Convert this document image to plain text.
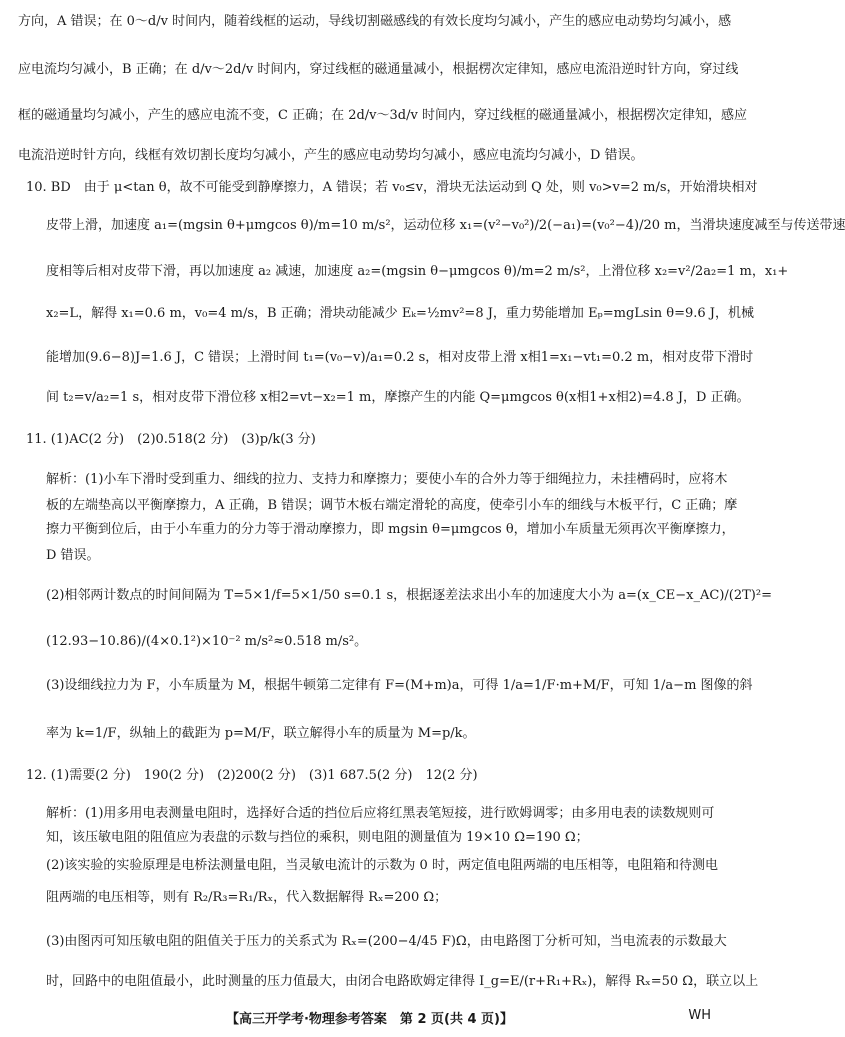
方向，A 错误；在 0～d/v 时间内，随着线框的运动，导线切割磁感线的有效长度均匀减小，产生的感应电动势均匀减小，感
应电流均匀减小，B 正确；在 d/v～2d/v 时间内，穿过线框的磁通量减小，根据楞次定律知，感应电流沿逆时针方向，穿过线
框的磁通量均匀减小，产生的感应电流不变，C 正确；在 2d/v～3d/v 时间内，穿过线框的磁通量减小，根据楞次定律知，感应
电流沿逆时针方向，线框有效切割长度均匀减小，产生的感应电动势均匀减小，感应电流均匀减小，D 错误。
10. BD　由于 μ<tan θ，故不可能受到静摩擦力，A 错误；若 v₀≤v，滑块无法运动到 Q 处，则 v₀>v=2 m/s，开始滑块相对
皮带上滑，加速度 a₁=(mgsin θ+μmgcos θ)/m=10 m/s²，运动位移 x₁=(v²−v₀²)/2(−a₁)=(v₀²−4)/20 m，当滑块速度减至与传送带速
度相等后相对皮带下滑，再以加速度 a₂ 减速，加速度 a₂=(mgsin θ−μmgcos θ)/m=2 m/s²，上滑位移 x₂=v²/2a₂=1 m，x₁+
x₂=L，解得 x₁=0.6 m，v₀=4 m/s，B 正确；滑块动能减少 Eₖ=½mv²=8 J，重力势能增加 Eₚ=mgLsin θ=9.6 J，机械
能增加(9.6−8)J=1.6 J，C 错误；上滑时间 t₁=(v₀−v)/a₁=0.2 s，相对皮带上滑 x相1=x₁−vt₁=0.2 m，相对皮带下滑时
间 t₂=v/a₂=1 s，相对皮带下滑位移 x相2=vt−x₂=1 m，摩擦产生的内能 Q=μmgcos θ(x相1+x相2)=4.8 J，D 正确。
11. (1)AC(2 分)　(2)0.518(2 分)　(3)p/k(3 分)
解析：(1)小车下滑时受到重力、细线的拉力、支持力和摩擦力；要使小车的合外力等于细绳拉力，未挂槽码时，应将木
板的左端垫高以平衡摩擦力，A 正确，B 错误；调节木板右端定滑轮的高度，使牵引小车的细线与木板平行，C 正确；摩
擦力平衡到位后，由于小车重力的分力等于滑动摩擦力，即 mgsin θ=μmgcos θ，增加小车质量无须再次平衡摩擦力，
D 错误。
(2)相邻两计数点的时间间隔为 T=5×1/f=5×1/50 s=0.1 s，根据逐差法求出小车的加速度大小为 a=(x_CE−x_AC)/(2T)²=
(12.93−10.86)/(4×0.1²)×10⁻² m/s²≈0.518 m/s²。
(3)设细线拉力为 F，小车质量为 M，根据牛顿第二定律有 F=(M+m)a，可得 1/a=1/F·m+M/F，可知 1/a−m 图像的斜
率为 k=1/F，纵轴上的截距为 p=M/F，联立解得小车的质量为 M=p/k。
12. (1)需要(2 分)　190(2 分)　(2)200(2 分)　(3)1 687.5(2 分)　12(2 分)
解析：(1)用多用电表测量电阻时，选择好合适的挡位后应将红黑表笔短接，进行欧姆调零；由多用电表的读数规则可
知，该压敏电阻的阻值应为表盘的示数与挡位的乘积，则电阻的测量值为 19×10 Ω=190 Ω；
(2)该实验的实验原理是电桥法测量电阻，当灵敏电流计的示数为 0 时，两定值电阻两端的电压相等，电阻箱和待测电
阻两端的电压相等，则有 R₂/R₃=R₁/Rₓ，代入数据解得 Rₓ=200 Ω；
(3)由图丙可知压敏电阻的阻值关于压力的关系式为 Rₓ=(200−4/45 F)Ω，由电路图丁分析可知，当电流表的示数最大
时，回路中的电阻值最小，此时测量的压力值最大，由闭合电路欧姆定律得 I_g=E/(r+R₁+Rₓ)，解得 Rₓ=50 Ω，联立以上
【高三开学考·物理参考答案　第 2 页(共 4 页)】	WH
